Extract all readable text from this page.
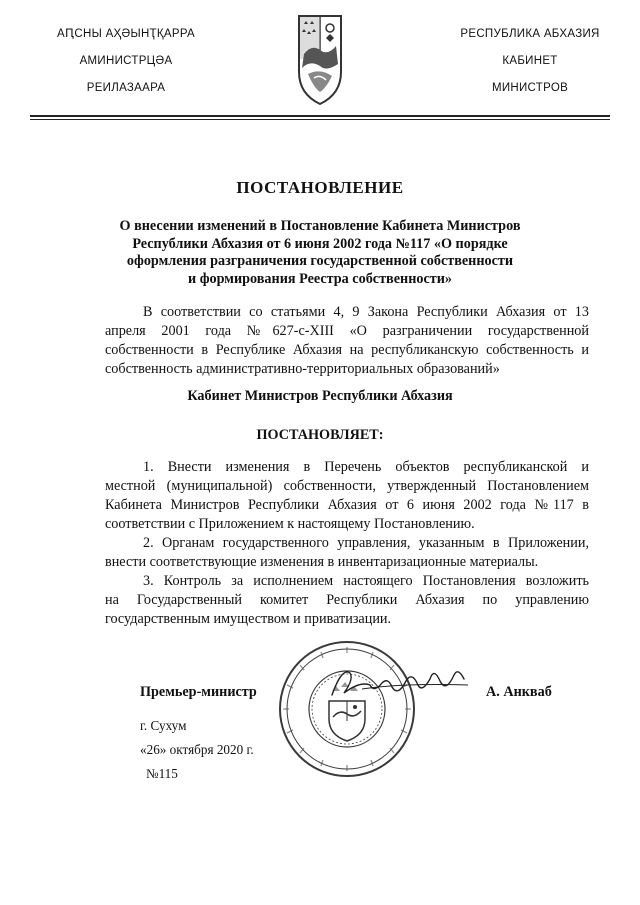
АԤСНЫ АҲӘЫНҬҚАРРА
АМИНИСТРЦӘА
РЕИЛАЗААРА
РЕСПУБЛИКА АБХАЗИЯ
КАБИНЕТ
МИНИСТРОВ
ПОСТАНОВЛЕНИЕ
О внесении изменений в Постановление Кабинета Министров
Республики Абхазия от 6 июня 2002 года №117 «О порядке
оформления разграничения государственной собственности
и формирования Реестра собственности»
В соответствии со статьями 4, 9 Закона Республики Абхазия от 13
апреля 2001 года №627-с-XIII «О разграничении государственной
собственности в Республике Абхазия на республиканскую собственность и
собственность административно-территориальных образований»
Кабинет Министров Республики Абхазия
ПОСТАНОВЛЯЕТ:
1. Внести изменения в Перечень объектов республиканской и
местной (муниципальной) собственности, утвержденный Постановлением
Кабинета Министров Республики Абхазия от 6 июня 2002 года №117 в
соответствии с Приложением к настоящему Постановлению.
2. Органам государственного управления, указанным в Приложении,
внести соответствующие изменения в инвентаризационные материалы.
3. Контроль за исполнением настоящего Постановления возложить
на Государственный комитет Республики Абхазия по управлению
государственным имуществом и приватизации.
Премьер-министр	А. Анкваб
г. Сухум
«26» октября 2020 г.
№115
